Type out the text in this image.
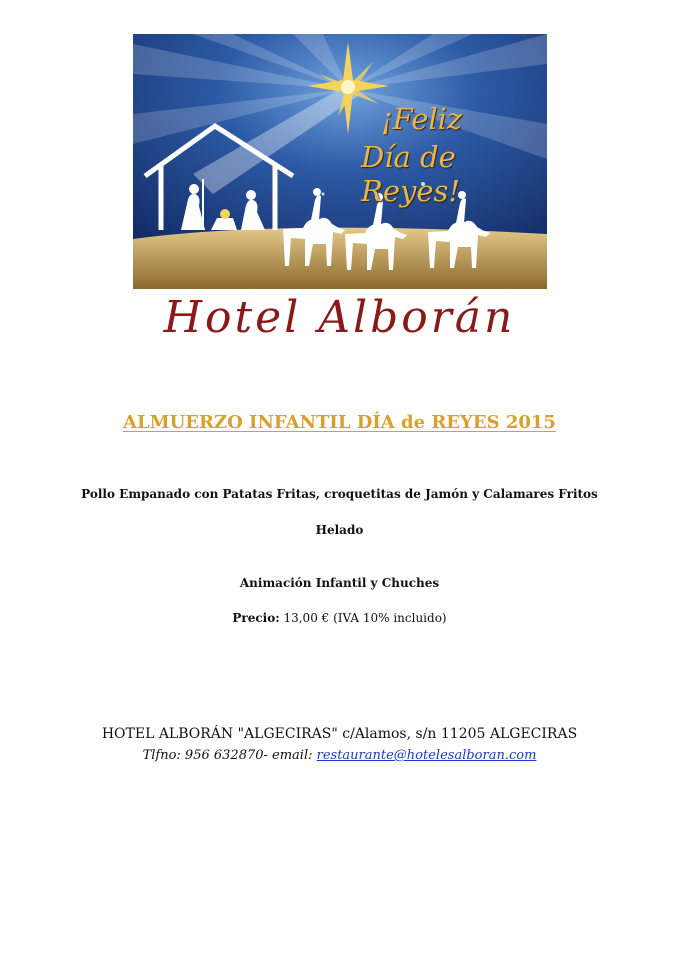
¡Feliz
Día de Reyes!
Hotel Alborán
ALMUERZO INFANTIL DÍA de REYES 2015
Pollo Empanado con Patatas Fritas, croquetitas de Jamón y Calamares Fritos
Helado
Animación Infantil y Chuches
Precio: 13,00 € (IVA 10% incluido)
HOTEL ALBORÁN "ALGECIRAS" c/Alamos, s/n 11205 ALGECIRAS
Tlfno: 956 632870- email: restaurante@hotelesalboran.com
